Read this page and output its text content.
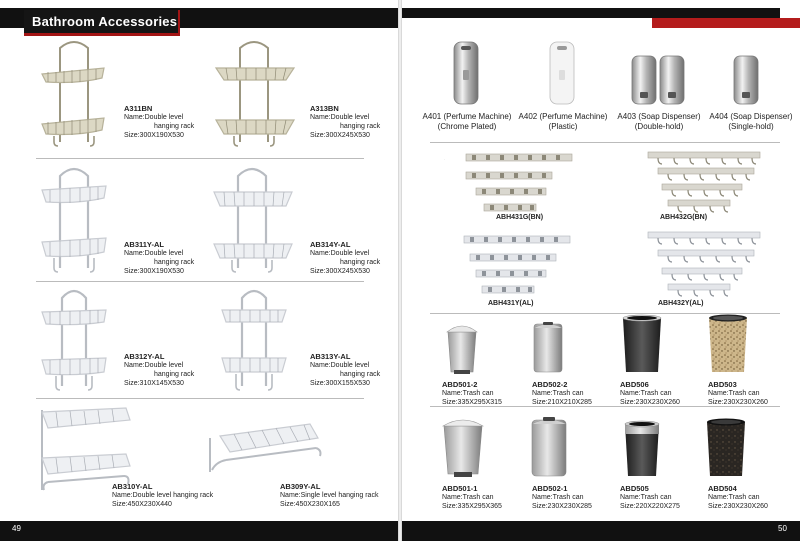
Bathroom Accessories
A311BN
Name:Double level
hanging rack
Size:300X190X530
A313BN
Name:Double level
hanging rack
Size:300X245X530
AB311Y-AL
Name:Double level
hanging rack
Size:300X190X530
AB314Y-AL
Name:Double level
hanging rack
Size:300X245X530
AB312Y-AL
Name:Double level
hanging rack
Size:310X145X530
AB313Y-AL
Name:Double level
hanging rack
Size:300X155X530
AB310Y-AL
Name:Double level hanging rack
Size:450X230X440
AB309Y-AL
Name:Single level hanging rack
Size:450X230X165
A401 (Perfume Machine)
(Chrome Plated)
A402 (Perfume Machine)
(Plastic)
A403 (Soap Dispenser)
(Double-hold)
A404 (Soap Dispenser)
(Single-hold)
.
ABH431G(BN)	ABH432G(BN)
ABH431Y(AL)	ABH432Y(AL)
ABD501-2
Name:Trash can
Size:335X295X315
ABD502-2
Name:Trash can
Size:210X210X285
ABD506
Name:Trash can
Size:230X230X260
ABD503
Name:Trash can
Size:230X230X260
ABD501-1
Name:Trash can
Size:335X295X365
ABD502-1
Name:Trash can
Size:230X230X285
ABD505
Name:Trash can
Size:220X220X275
ABD504
Name:Trash can
Size:230X230X260
49	50
